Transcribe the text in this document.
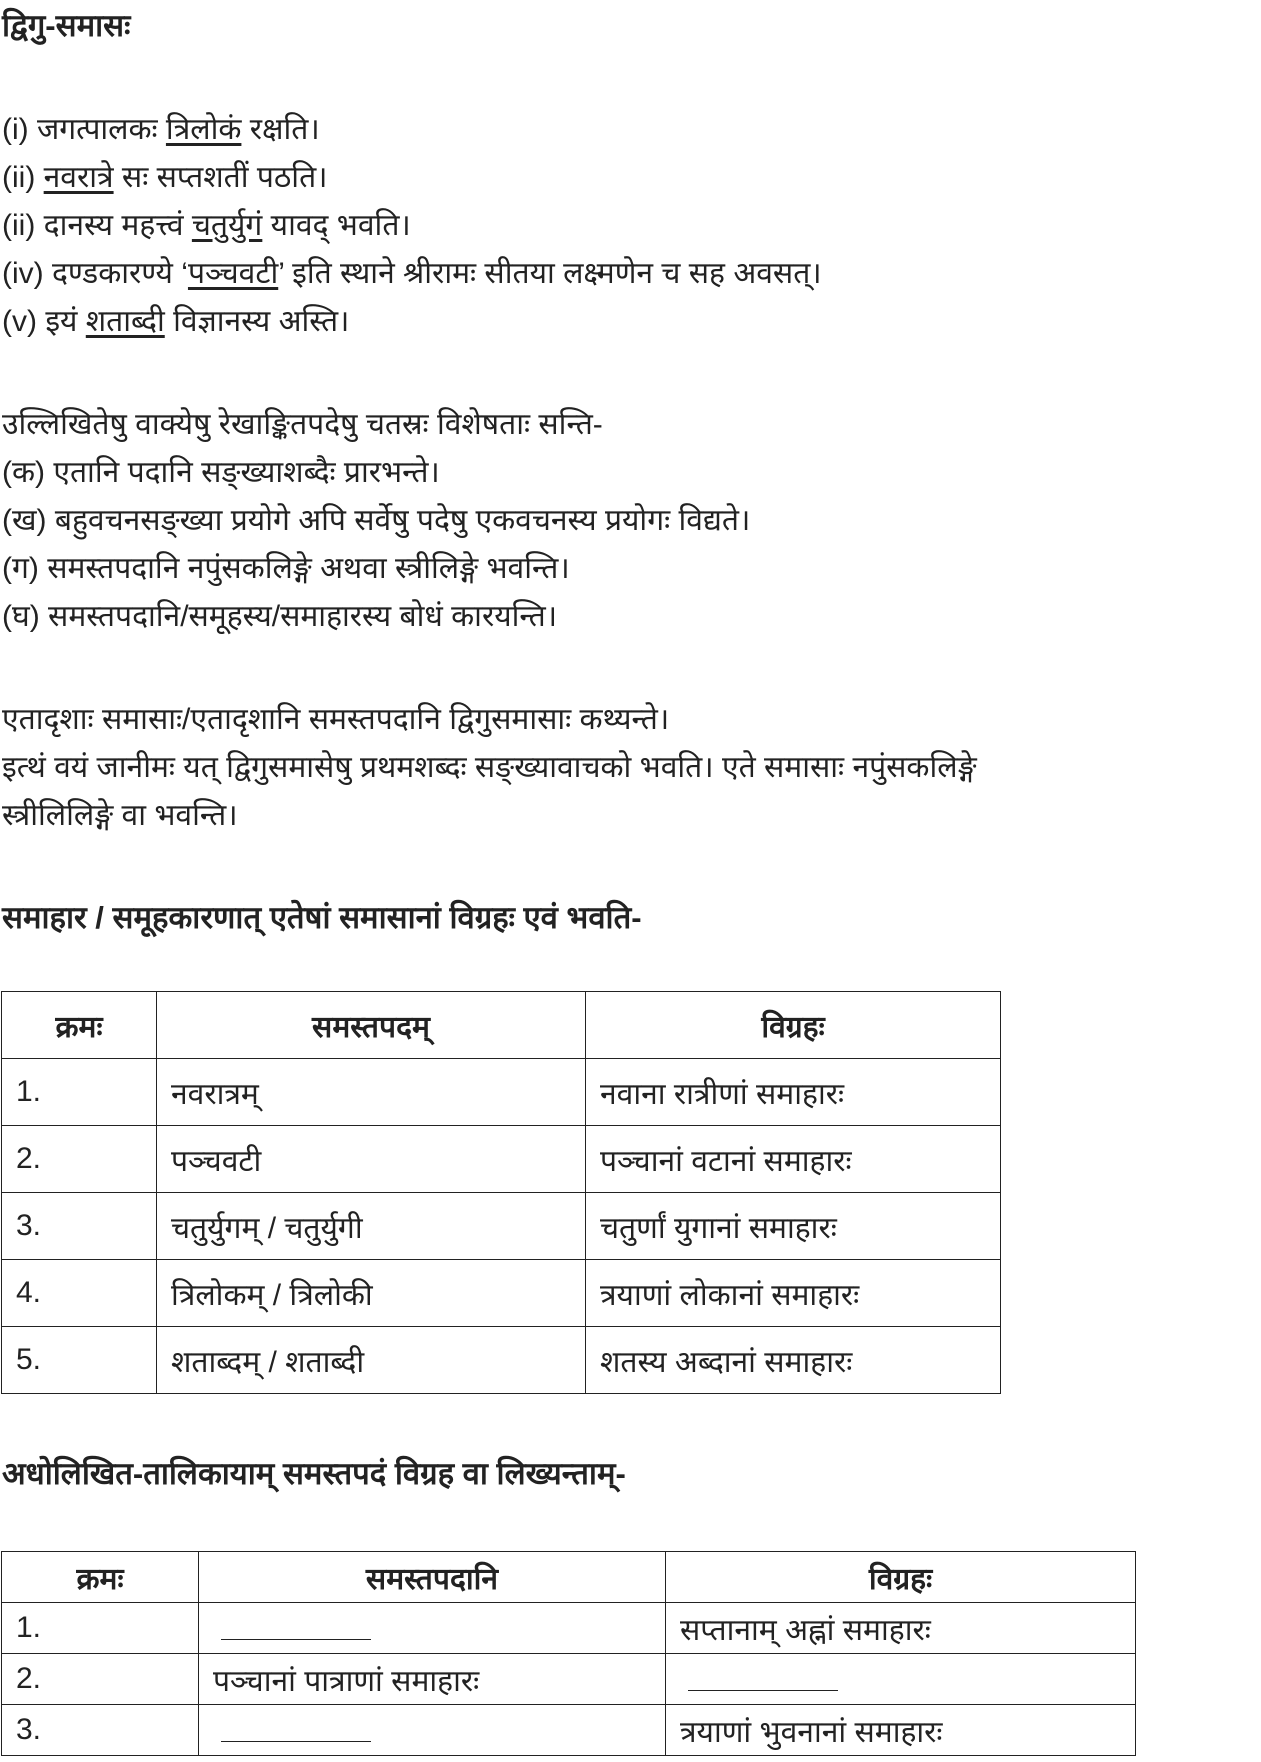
द्विगु-समासः
(i) जगत्पालकः त्रिलोकं रक्षति।
(ii) नवरात्रे सः सप्तशतीं पठति।
(ii) दानस्य महत्त्वं चतुर्युगं यावद् भवति।
(iv) दण्डकारण्ये ‘पञ्चवटी’ इति स्थाने श्रीरामः सीतया लक्ष्मणेन च सह अवसत्।
(v) इयं शताब्दी विज्ञानस्य अस्ति।
उल्लिखितेषु वाक्येषु रेखाङ्कितपदेषु चतस्रः विशेषताः सन्ति-
(क) एतानि पदानि सङ्ख्याशब्दैः प्रारभन्ते।
(ख) बहुवचनसङ्ख्या प्रयोगे अपि सर्वेषु पदेषु एकवचनस्य प्रयोगः विद्यते।
(ग) समस्तपदानि नपुंसकलिङ्गे अथवा स्त्रीलिङ्गे भवन्ति।
(घ) समस्तपदानि/समूहस्य/समाहारस्य बोधं कारयन्ति।
एतादृशाः समासाः/एतादृशानि समस्तपदानि द्विगुसमासाः कथ्यन्ते।
इत्थं वयं जानीमः यत् द्विगुसमासेषु प्रथमशब्दः सङ्ख्यावाचको भवति। एते समासाः नपुंसकलिङ्गे
स्त्रीलिलिङ्गे वा भवन्ति।
समाहार / समूहकारणात् एतेषां समासानां विग्रहः एवं भवति-
क्रमः	समस्तपदम्	विग्रहः
1.	नवरात्रम्	नवाना रात्रीणां समाहारः
2.	पञ्चवटी	पञ्चानां वटानां समाहारः
3.	चतुर्युगम् / चतुर्युगी	चतुर्णां युगानां समाहारः
4.	त्रिलोकम् / त्रिलोकी	त्रयाणां लोकानां समाहारः
5.	शताब्दम् / शताब्दी	शतस्य अब्दानां समाहारः
अधोलिखित-तालिकायाम् समस्तपदं विग्रह वा लिख्यन्ताम्-
क्रमः	समस्तपदानि	विग्रहः
1.		सप्तानाम् अह्नां समाहारः
2.	पञ्चानां पात्राणां समाहारः	
3.		त्रयाणां भुवनानां समाहारः
